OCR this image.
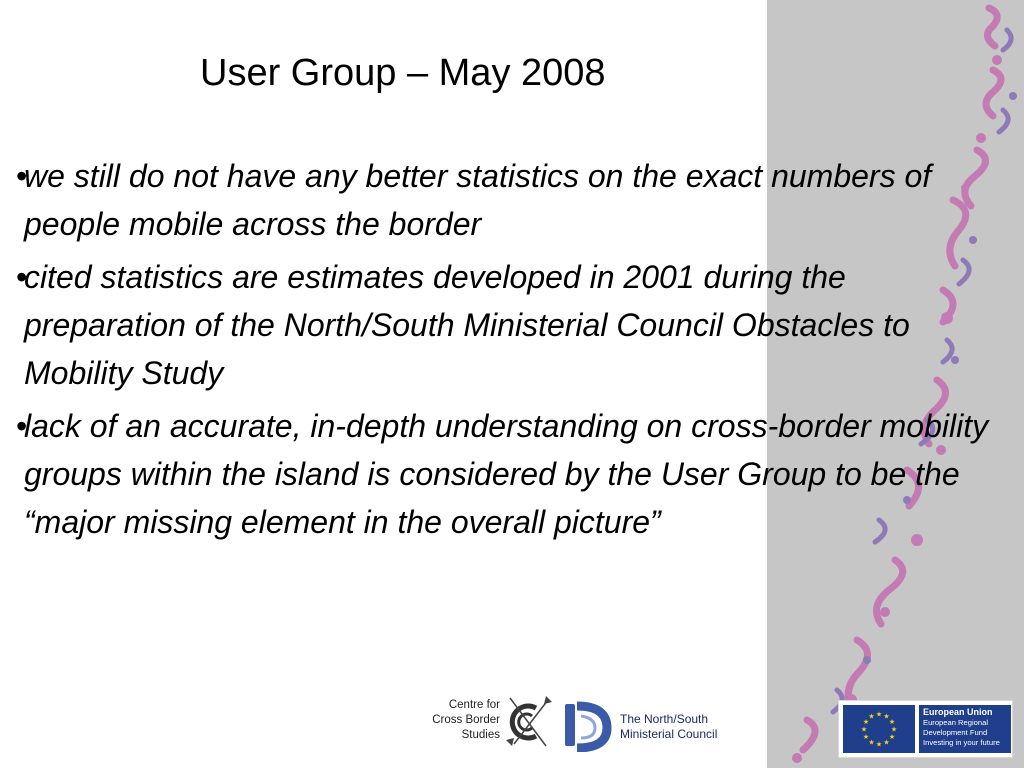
User Group – May 2008
•
we still do not have any better statistics on the exact numbers of people mobile across the border
•
cited statistics are estimates developed in 2001 during the preparation of the North/South Ministerial Council Obstacles to Mobility Study
•
lack of an accurate, in-depth understanding on cross-border mobility groups within the island is considered by the User Group to be the “major missing element in the overall picture”
Centre for
Cross Border
Studies
The North/South
Ministerial Council	★
★
★
★
★
★
★
★
★ ★ ★
★
European Union
European Regional
Development Fund
Investing in your future
